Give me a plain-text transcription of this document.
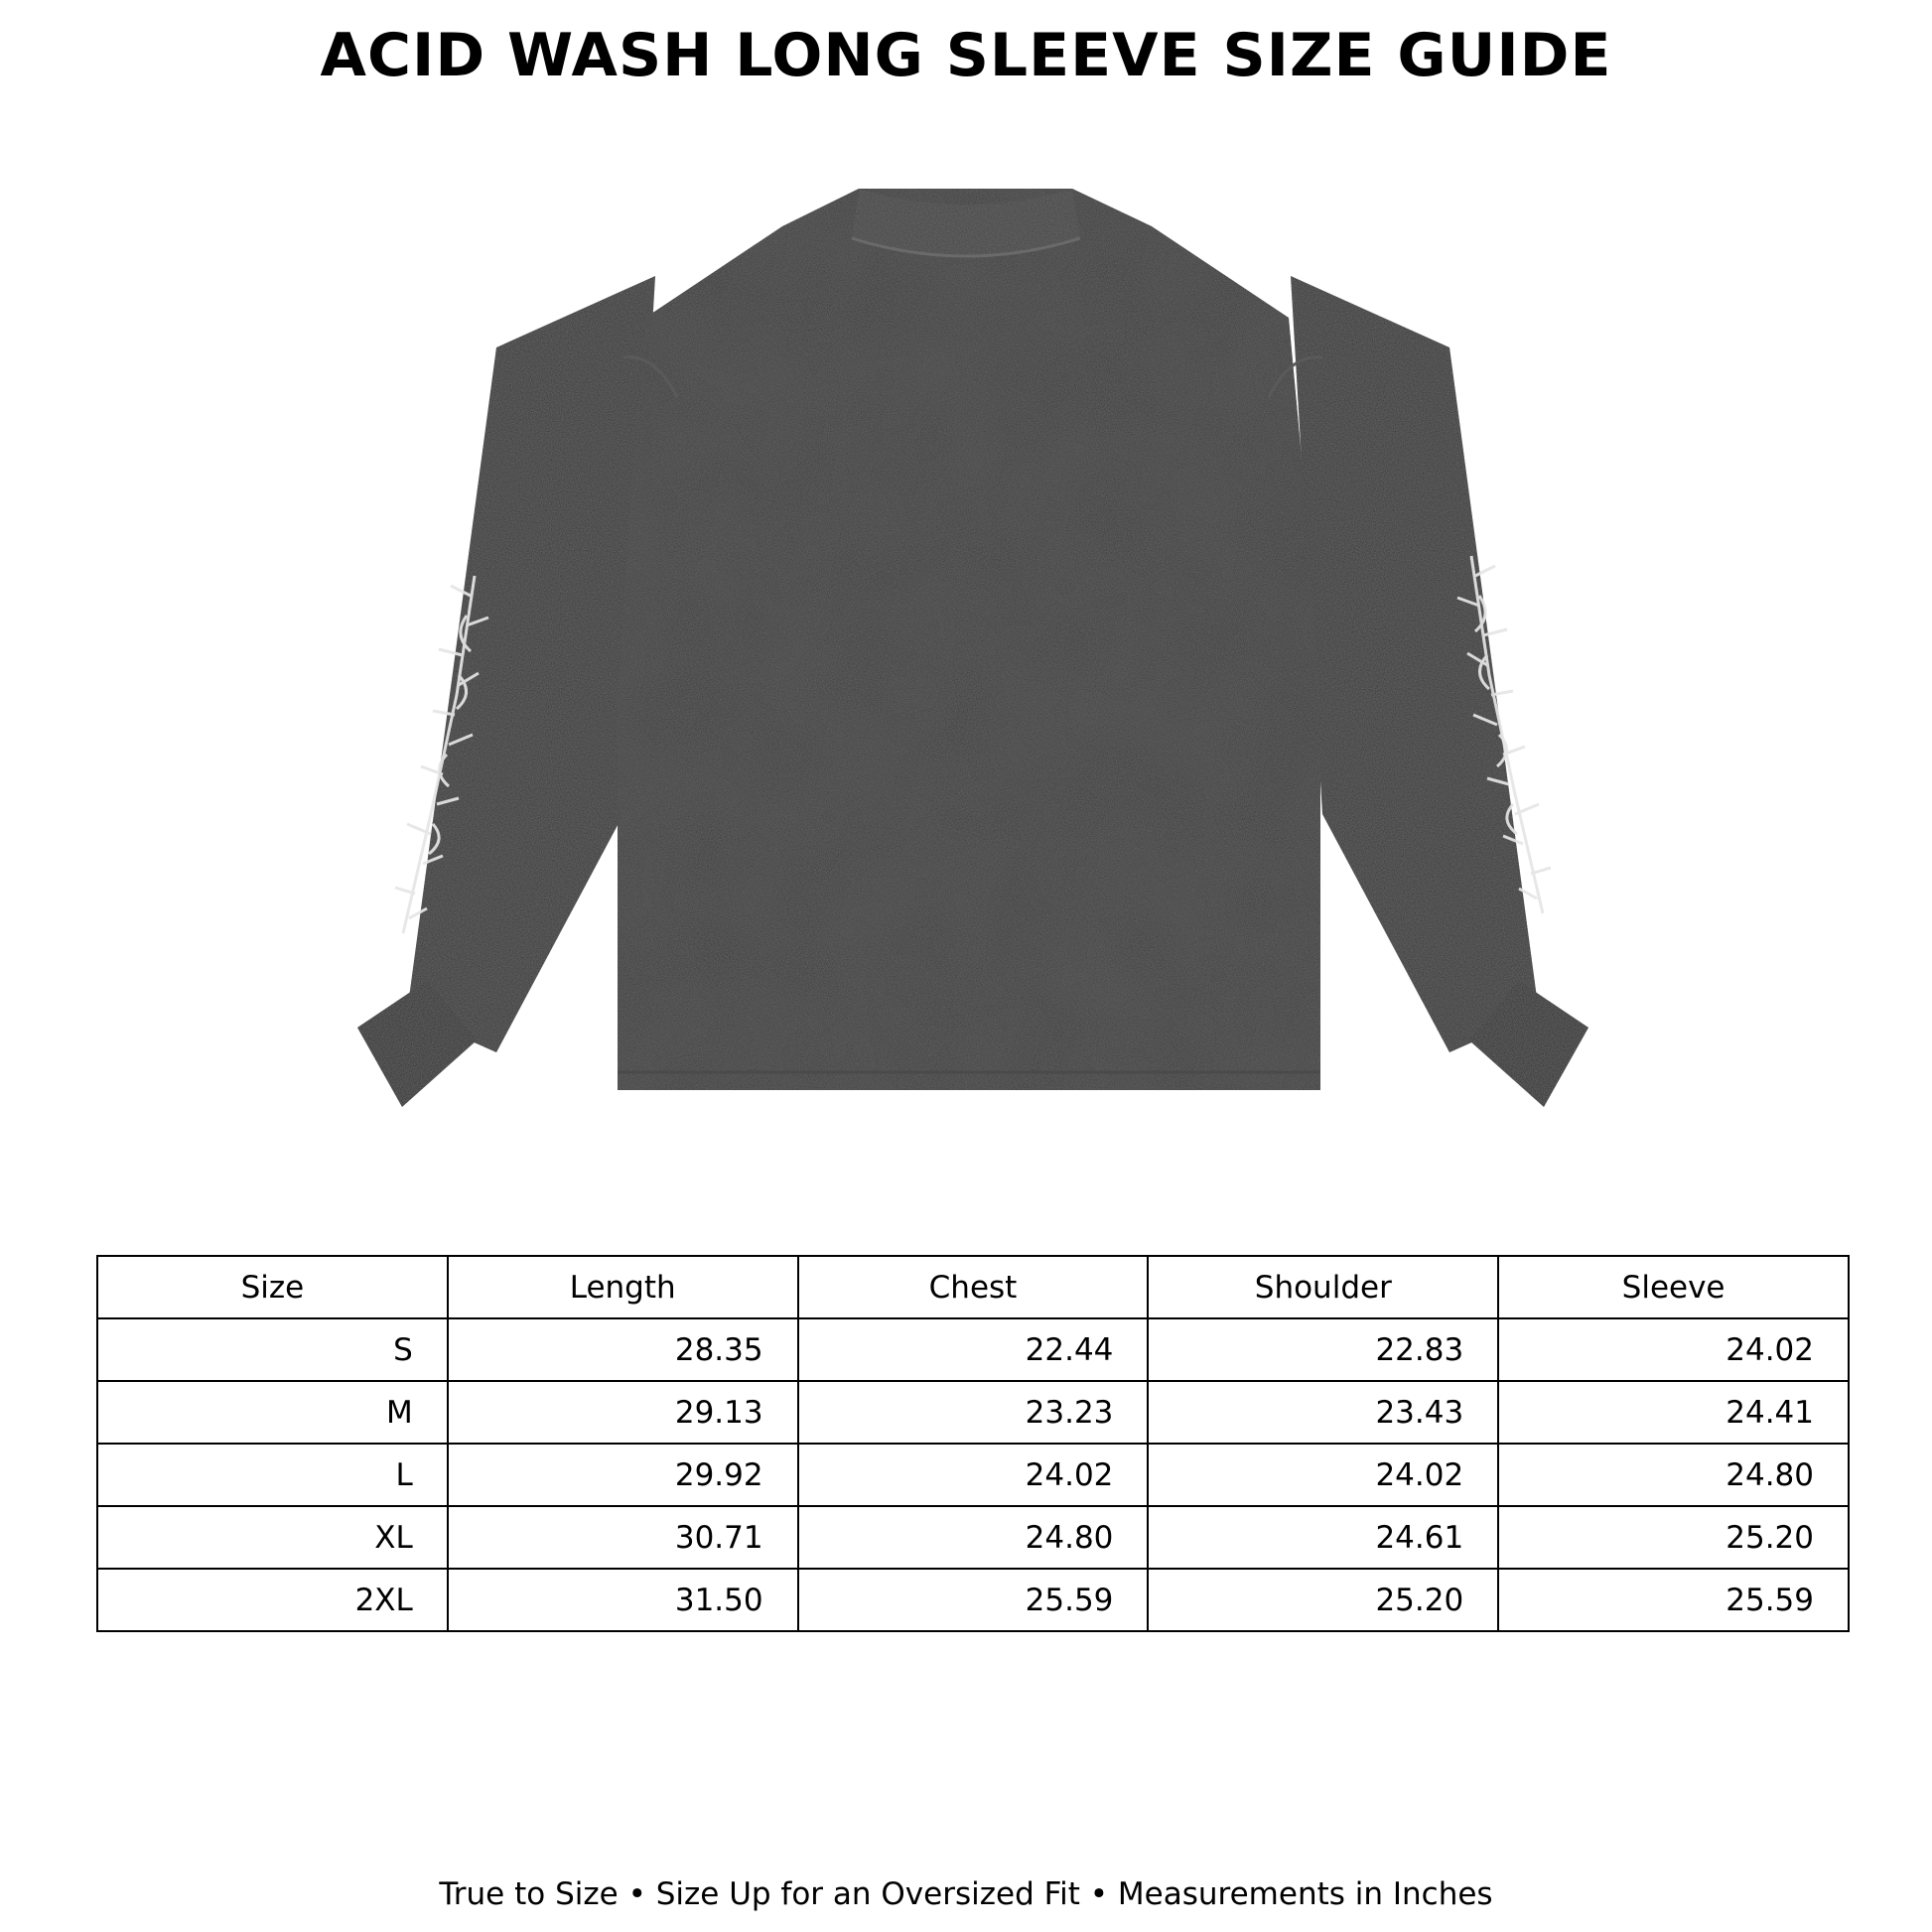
ACID WASH LONG SLEEVE SIZE GUIDE
Size	Length	Chest	Shoulder	Sleeve
S	28.35	22.44	22.83	24.02
M	29.13	23.23	23.43	24.41
L	29.92	24.02	24.02	24.80
XL	30.71	24.80	24.61	25.20
2XL	31.50	25.59	25.20	25.59
True to Size • Size Up for an Oversized Fit • Measurements in Inches
